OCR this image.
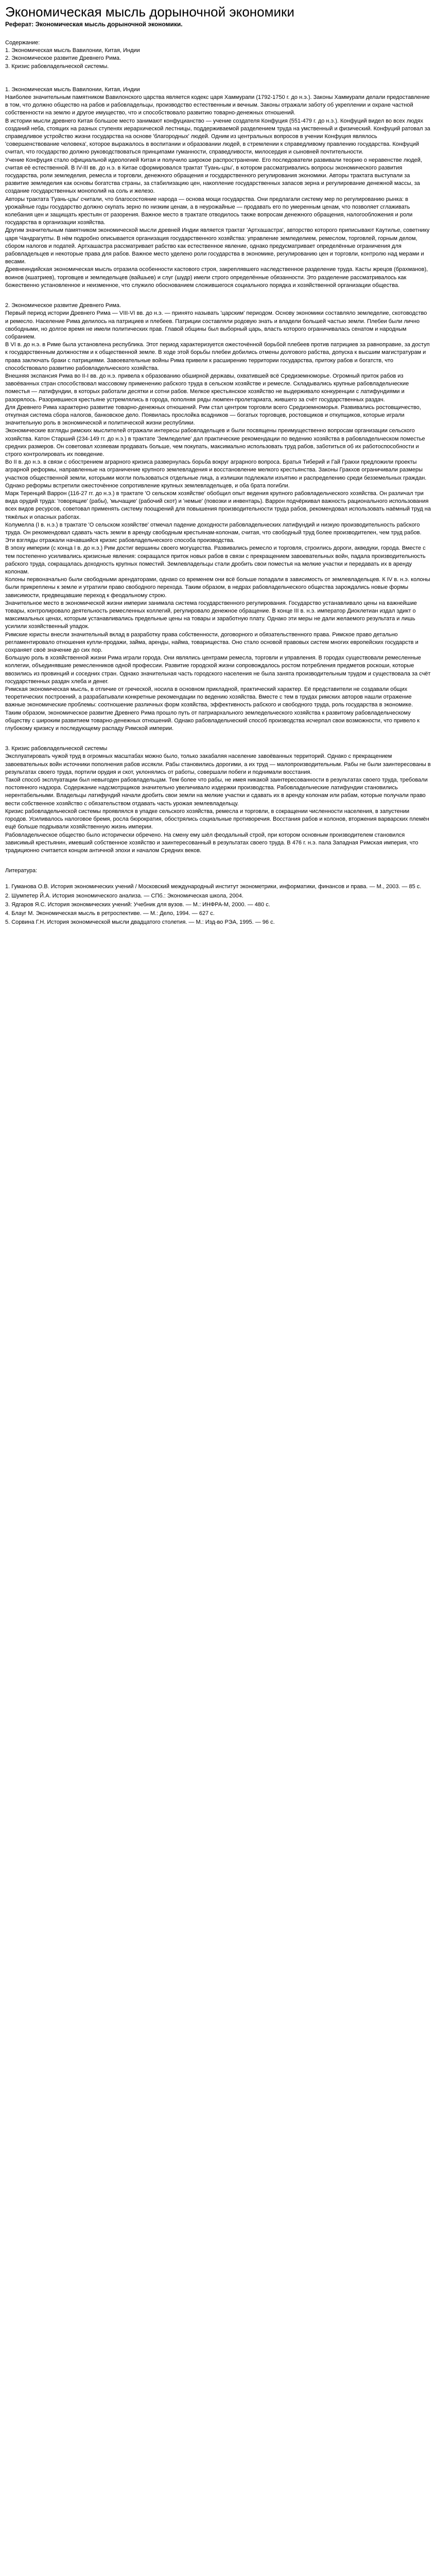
Экономическая мысль дорыночной экономики
Реферат: Экономическая мысль дорыночной экономики.

Содержание:

1. Экономическая мысль Вавилонии, Китая, Индии

2. Экономическое развитие Древнего Рима.

3. Кризис рабовладельческой системы.

1. Экономическая мысль Вавилонии, Китая, Индии

Наиболее значительным памятником Вавилонского царства является кодекс царя Хаммурапи (1792-1750 г. до н.э.). Законы Хаммурапи делали предоставление в том, что должно общество на рабов и рабовладельцы, производство естественным и вечным. Законы отражали заботу об укреплении и охране частной собственности на землю и другое имущество, что и способствовало развитию товарно-денежных отношений.

В истории мысли древнего Китая большое место занимают конфуцианство — учение создателя Конфуция (551-479 г. до н.э.). Конфуций видел во всех людях созданий неба, стоящих на разных ступенях иерархической лестницы, поддерживаемой разделением труда на умственный и физический. Конфуций ратовал за справедливое устройство жизни государства на основе 'благородных' людей. Одним из центральных вопросов в учении Конфуция являлось 'совершенствование человека', которое выражалось в воспитании и образовании людей, в стремлении к справедливому правлению государства. Конфуций считал, что государство должно руководствоваться принципами гуманности, справедливости, милосердия и сыновней почтительности.

Учение Конфуция стало официальной идеологией Китая и получило широкое распространение. Его последователи развивали теорию о неравенстве людей, считая её естественной. В IV-III вв. до н.э. в Китае сформировался трактат 'Гуань-цзы', в котором рассматривались вопросы экономического развития государства, роли земледелия, ремесла и торговли, денежного обращения и государственного регулирования экономики. Авторы трактата выступали за развитие земледелия как основы богатства страны, за стабилизацию цен, накопление государственных запасов зерна и регулирование денежной массы, за создание государственных монополий на соль и железо.

Авторы трактата 'Гуань-цзы' считали, что благосостояние народа — основа мощи государства. Они предлагали систему мер по регулированию рынка: в урожайные годы государство должно скупать зерно по низким ценам, а в неурожайные — продавать его по умеренным ценам, что позволяет сглаживать колебания цен и защищать крестьян от разорения. Важное место в трактате отводилось также вопросам денежного обращения, налогообложения и роли государства в организации хозяйства.

Другим значительным памятником экономической мысли древней Индии является трактат 'Артхашастра', авторство которого приписывают Каутилье, советнику царя Чандрагупты. В нём подробно описывается организация государственного хозяйства: управление земледелием, ремеслом, торговлей, горным делом, сбором налогов и податей. Артхашастра рассматривает рабство как естественное явление, однако предусматривает определённые ограничения для рабовладельцев и некоторые права для рабов. Важное место уделено роли государства в экономике, регулированию цен и торговли, контролю над мерами и весами.

Древнеиндийская экономическая мысль отразила особенности кастового строя, закреплявшего наследственное разделение труда. Касты жрецов (брахманов), воинов (кшатриев), торговцев и земледельцев (вайшьев) и слуг (шудр) имели строго определённые обязанности. Это разделение рассматривалось как божественно установленное и неизменное, что служило обоснованием сложившегося социального порядка и хозяйственной организации общества.

2. Экономическое развитие Древнего Рима.

Первый период истории Древнего Рима — VIII-VI вв. до н.э. — принято называть 'царским' периодом. Основу экономики составляло земледелие, скотоводство и ремесло. Население Рима делилось на патрициев и плебеев. Патриции составляли родовую знать и владели большей частью земли. Плебеи были лично свободными, но долгое время не имели политических прав. Главой общины был выборный царь, власть которого ограничивалась сенатом и народным собранием.

В VI в. до н.э. в Риме была установлена республика. Этот период характеризуется ожесточённой борьбой плебеев против патрициев за равноправие, за доступ к государственным должностям и к общественной земле. В ходе этой борьбы плебеи добились отмены долгового рабства, допуска к высшим магистратурам и права заключать браки с патрициями. Завоевательные войны Рима привели к расширению территории государства, притоку рабов и богатств, что способствовало развитию рабовладельческого хозяйства.

Внешняя экспансия Рима во II-I вв. до н.э. привела к образованию обширной державы, охватившей всё Средиземноморье. Огромный приток рабов из завоёванных стран способствовал массовому применению рабского труда в сельском хозяйстве и ремесле. Складывались крупные рабовладельческие поместья — латифундии, в которых работали десятки и сотни рабов. Мелкое крестьянское хозяйство не выдерживало конкуренции с латифундиями и разорялось. Разорившиеся крестьяне устремлялись в города, пополняя ряды люмпен-пролетариата, жившего за счёт государственных раздач.

Для Древнего Рима характерно развитие товарно-денежных отношений. Рим стал центром торговли всего Средиземноморья. Развивались ростовщичество, откупная система сбора налогов, банковское дело. Появилась прослойка всадников — богатых торговцев, ростовщиков и откупщиков, которые играли значительную роль в экономической и политической жизни республики.

Экономические взгляды римских мыслителей отражали интересы рабовладельцев и были посвящены преимущественно вопросам организации сельского хозяйства. Катон Старший (234-149 гг. до н.э.) в трактате 'Земледелие' дал практические рекомендации по ведению хозяйства в рабовладельческом поместье средних размеров. Он советовал хозяевам продавать больше, чем покупать, максимально использовать труд рабов, заботиться об их работоспособности и строго контролировать их поведение.

Во II в. до н.э. в связи с обострением аграрного кризиса развернулась борьба вокруг аграрного вопроса. Братья Тиберий и Гай Гракхи предложили проекты аграрной реформы, направленные на ограничение крупного землевладения и восстановление мелкого крестьянства. Законы Гракхов ограничивали размеры участков общественной земли, которыми могли пользоваться отдельные лица, а излишки подлежали изъятию и распределению среди безземельных граждан. Однако реформы встретили ожесточённое сопротивление крупных землевладельцев, и оба брата погибли.

Марк Теренций Варрон (116-27 гг. до н.э.) в трактате 'О сельском хозяйстве' обобщил опыт ведения крупного рабовладельческого хозяйства. Он различал три вида орудий труда: 'говорящие' (рабы), 'мычащие' (рабочий скот) и 'немые' (повозки и инвентарь). Варрон подчёркивал важность рационального использования всех видов ресурсов, советовал применять систему поощрений для повышения производительности труда рабов, рекомендовал использовать наёмный труд на тяжёлых и опасных работах.

Колумелла (I в. н.э.) в трактате 'О сельском хозяйстве' отмечал падение доходности рабовладельческих латифундий и низкую производительность рабского труда. Он рекомендовал сдавать часть земли в аренду свободным крестьянам-колонам, считая, что свободный труд более производителен, чем труд рабов. Эти взгляды отражали начавшийся кризис рабовладельческого способа производства.

В эпоху империи (с конца I в. до н.э.) Рим достиг вершины своего могущества. Развивались ремесло и торговля, строились дороги, акведуки, города. Вместе с тем постепенно усиливались кризисные явления: сокращался приток новых рабов в связи с прекращением завоевательных войн, падала производительность рабского труда, сокращалась доходность крупных поместий. Землевладельцы стали дробить свои поместья на мелкие участки и передавать их в аренду колонам.

Колоны первоначально были свободными арендаторами, однако со временем они всё больше попадали в зависимость от землевладельцев. К IV в. н.э. колоны были прикреплены к земле и утратили право свободного перехода. Таким образом, в недрах рабовладельческого общества зарождались новые формы зависимости, предвещавшие переход к феодальному строю.

Значительное место в экономической жизни империи занимала система государственного регулирования. Государство устанавливало цены на важнейшие товары, контролировало деятельность ремесленных коллегий, регулировало денежное обращение. В конце III в. н.э. император Диоклетиан издал эдикт о максимальных ценах, которым устанавливались предельные цены на товары и заработную плату. Однако эти меры не дали желаемого результата и лишь усилили хозяйственный упадок.

Римские юристы внесли значительный вклад в разработку права собственности, договорного и обязательственного права. Римское право детально регламентировало отношения купли-продажи, займа, аренды, найма, товарищества. Оно стало основой правовых систем многих европейских государств и сохраняет своё значение до сих пор.

Большую роль в хозяйственной жизни Рима играли города. Они являлись центрами ремесла, торговли и управления. В городах существовали ремесленные коллегии, объединявшие ремесленников одной профессии. Развитие городской жизни сопровождалось ростом потребления предметов роскоши, которые ввозились из провинций и соседних стран. Однако значительная часть городского населения не была занята производительным трудом и существовала за счёт государственных раздач хлеба и денег.

Римская экономическая мысль, в отличие от греческой, носила в основном прикладной, практический характер. Её представители не создавали общих теоретических построений, а разрабатывали конкретные рекомендации по ведению хозяйства. Вместе с тем в трудах римских авторов нашли отражение важные экономические проблемы: соотношение различных форм хозяйства, эффективность рабского и свободного труда, роль государства в экономике.

Таким образом, экономическое развитие Древнего Рима прошло путь от патриархального земледельческого хозяйства к развитому рабовладельческому обществу с широким развитием товарно-денежных отношений. Однако рабовладельческий способ производства исчерпал свои возможности, что привело к глубокому кризису и последующему распаду Римской империи.

3. Кризис рабовладельческой системы

Эксплуатировать чужой труд в огромных масштабах можно было, только закабаляя население завоёванных территорий. Однако с прекращением завоевательных войн источники пополнения рабов иссякли. Рабы становились дорогими, а их труд — малопроизводительным. Рабы не были заинтересованы в результатах своего труда, портили орудия и скот, уклонялись от работы, совершали побеги и поднимали восстания.

Такой способ эксплуатации был невыгоден рабовладельцам. Тем более что рабы, не имея никакой заинтересованности в результатах своего труда, требовали постоянного надзора. Содержание надсмотрщиков значительно увеличивало издержки производства. Рабовладельческие латифундии становились нерентабельными. Владельцы латифундий начали дробить свои земли на мелкие участки и сдавать их в аренду колонам или рабам, которые получали право вести собственное хозяйство с обязательством отдавать часть урожая землевладельцу.

Кризис рабовладельческой системы проявлялся в упадке сельского хозяйства, ремесла и торговли, в сокращении численности населения, в запустении городов. Усиливалось налоговое бремя, росла бюрократия, обострялись социальные противоречия. Восстания рабов и колонов, вторжения варварских племён ещё больше подрывали хозяйственную жизнь империи.

Рабовладельческое общество было исторически обречено. На смену ему шёл феодальный строй, при котором основным производителем становился зависимый крестьянин, имевший собственное хозяйство и заинтересованный в результатах своего труда. В 476 г. н.э. пала Западная Римская империя, что традиционно считается концом античной эпохи и началом Средних веков.

Литература:

1. Гуманова О.В. История экономических учений / Московский международный институт эконометрики, информатики, финансов и права. — М., 2003. — 85 с.

2. Шумпетер Й.А. История экономического анализа. — СПб.: Экономическая школа, 2004.

3. Ядгаров Я.С. История экономических учений: Учебник для вузов. — М.: ИНФРА-М, 2000. — 480 с.

4. Блауг М. Экономическая мысль в ретроспективе. — М.: Дело, 1994. — 627 с.

5. Сорвина Г.Н. История экономической мысли двадцатого столетия. — М.: Изд-во РЭА, 1995. — 96 с.
